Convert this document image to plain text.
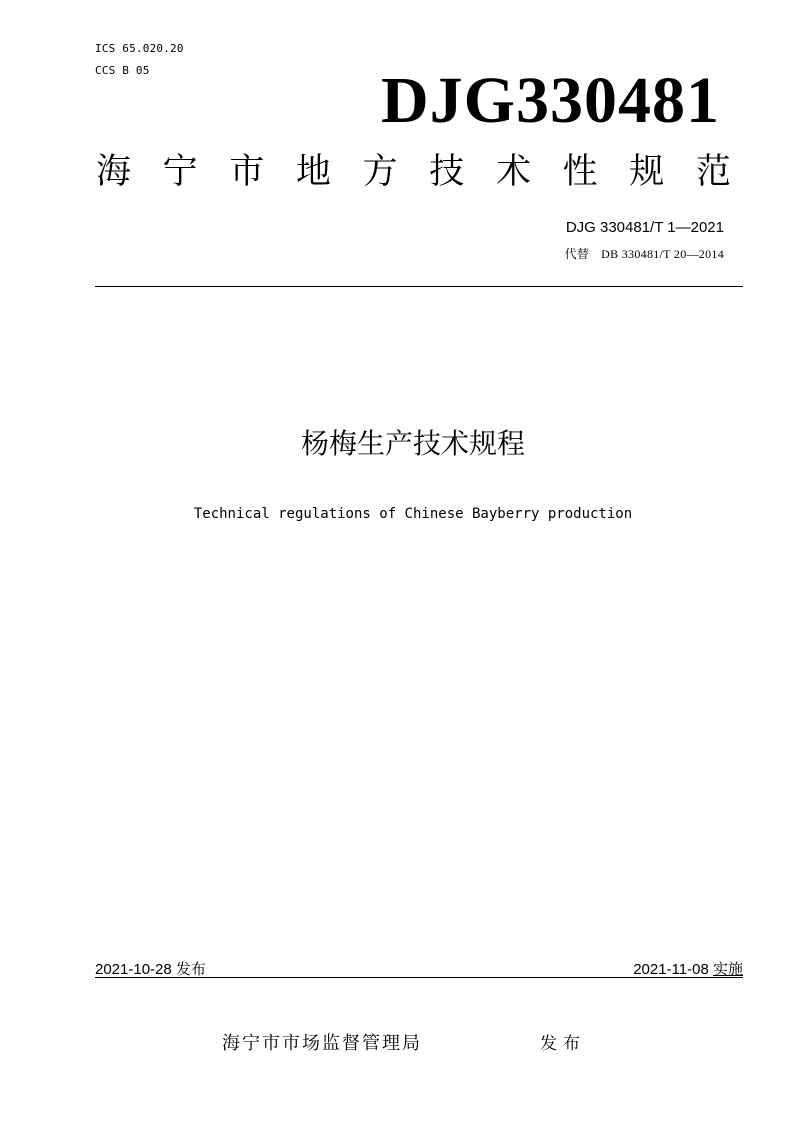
ICS 65.020.20
CCS B 05	DJG330481
海 宁 市 地 方 技 术 性 规 范
DJG 330481/T 1—2021
代替 DB 330481/T 20—2014
杨梅生产技术规程
Technical regulations of Chinese Bayberry production
2021-10-28 发布	2021-11-08 实施
海宁市市场监督管理局	发布
